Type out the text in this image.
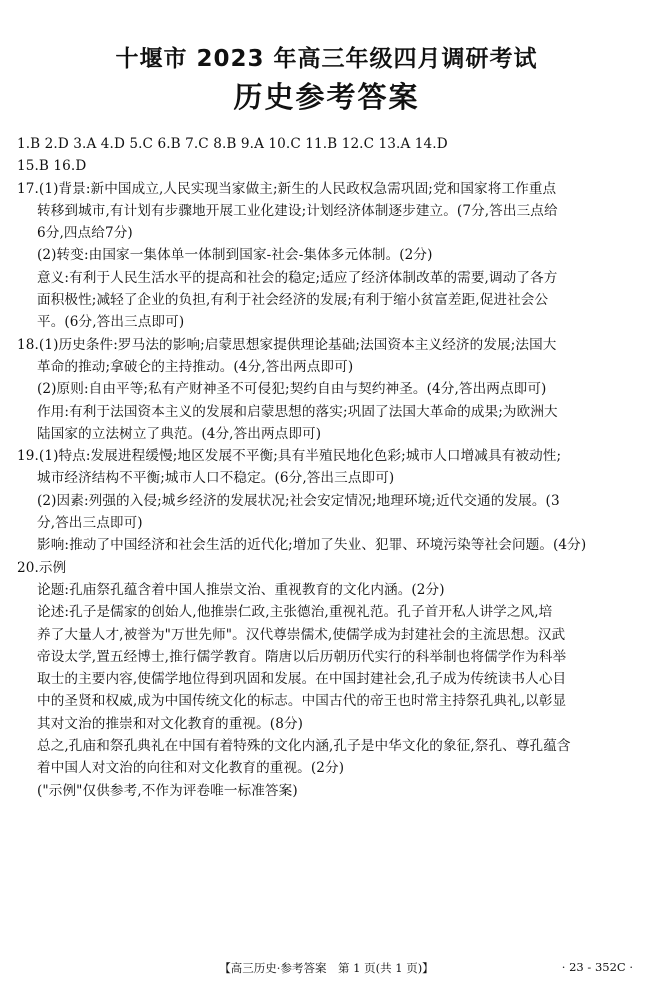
十堰市 2023 年高三年级四月调研考试
历史参考答案
1.B 2.D 3.A 4.D 5.C 6.B 7.C 8.B 9.A 10.C 11.B 12.C 13.A 14.D
15.B 16.D
17.(1)背景:新中国成立,人民实现当家做主;新生的人民政权急需巩固;党和国家将工作重点
转移到城市,有计划有步骤地开展工业化建设;计划经济体制逐步建立。(7分,答出三点给
6分,四点给7分)
(2)转变:由国家一集体单一体制到国家-社会-集体多元体制。(2分)
意义:有利于人民生活水平的提高和社会的稳定;适应了经济体制改革的需要,调动了各方
面积极性;减轻了企业的负担,有利于社会经济的发展;有利于缩小贫富差距,促进社会公
平。(6分,答出三点即可)
18.(1)历史条件:罗马法的影响;启蒙思想家提供理论基础;法国资本主义经济的发展;法国大
革命的推动;拿破仑的主持推动。(4分,答出两点即可)
(2)原则:自由平等;私有产财神圣不可侵犯;契约自由与契约神圣。(4分,答出两点即可)
作用:有利于法国资本主义的发展和启蒙思想的落实;巩固了法国大革命的成果;为欧洲大
陆国家的立法树立了典范。(4分,答出两点即可)
19.(1)特点:发展进程缓慢;地区发展不平衡;具有半殖民地化色彩;城市人口增减具有被动性;
城市经济结构不平衡;城市人口不稳定。(6分,答出三点即可)
(2)因素:列强的入侵;城乡经济的发展状况;社会安定情况;地理环境;近代交通的发展。(3
分,答出三点即可)
影响:推动了中国经济和社会生活的近代化;增加了失业、犯罪、环境污染等社会问题。(4分)
20.示例
论题:孔庙祭孔蕴含着中国人推崇文治、重视教育的文化内涵。(2分)
论述:孔子是儒家的创始人,他推崇仁政,主张德治,重视礼范。孔子首开私人讲学之风,培
养了大量人才,被誉为"万世先师"。汉代尊崇儒术,使儒学成为封建社会的主流思想。汉武
帝设太学,置五经博士,推行儒学教育。隋唐以后历朝历代实行的科举制也将儒学作为科举
取士的主要内容,使儒学地位得到巩固和发展。在中国封建社会,孔子成为传统读书人心目
中的圣贤和权威,成为中国传统文化的标志。中国古代的帝王也时常主持祭孔典礼,以彰显
其对文治的推崇和对文化教育的重视。(8分)
总之,孔庙和祭孔典礼在中国有着特殊的文化内涵,孔子是中华文化的象征,祭孔、尊孔蕴含
着中国人对文治的向往和对文化教育的重视。(2分)
("示例"仅供参考,不作为评卷唯一标准答案)
【高三历史·参考答案　第 1 页(共 1 页)】	· 23 - 352C ·
